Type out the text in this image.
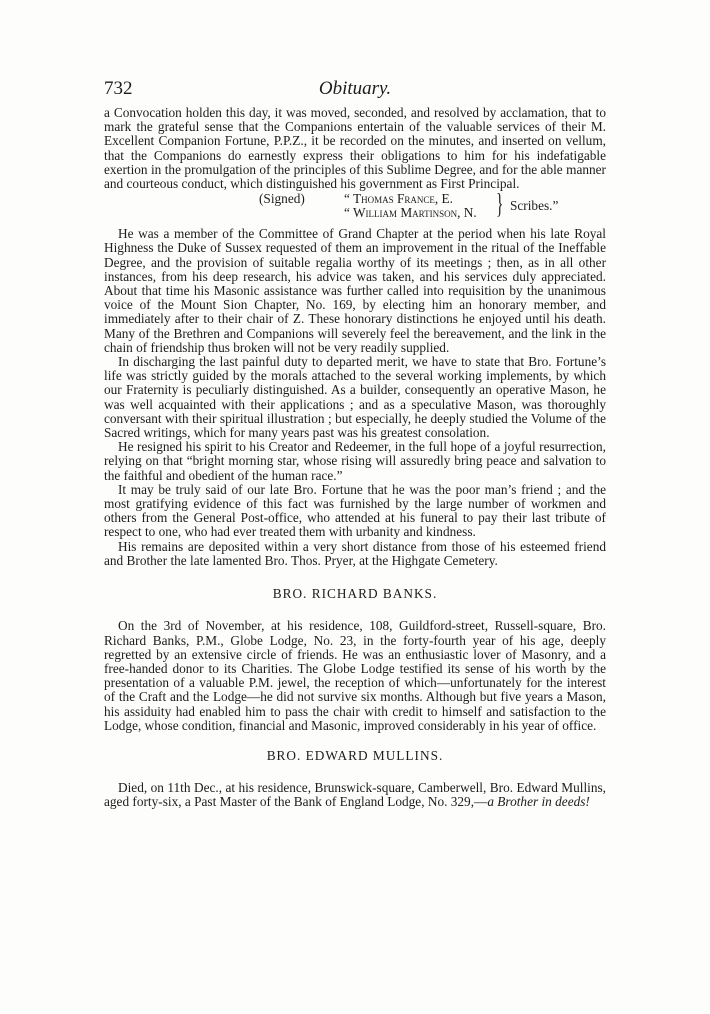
732	Obituary.

a Convocation holden this day, it was moved, seconded, and resolved by acclamation, that to mark the grateful sense that the Companions entertain of the valuable services of their M. Excellent Companion Fortune, P.P.Z., it be recorded on the minutes, and inserted on vellum, that the Companions do earnestly express their obligations to him for his indefatigable exertion in the promulgation of the principles of this Sublime Degree, and for the able manner and courteous conduct, which distinguished his government as First Principal.

(Signed)	“ Thomas France, E.
“ William Martinson, N. } Scribes.”

He was a member of the Committee of Grand Chapter at the period when his late Royal Highness the Duke of Sussex requested of them an improvement in the ritual of the Ineffable Degree, and the provision of suitable regalia worthy of its meetings ; then, as in all other instances, from his deep research, his advice was taken, and his services duly appreciated. About that time his Masonic assistance was further called into requisition by the unanimous voice of the Mount Sion Chapter, No. 169, by electing him an honorary member, and immediately after to their chair of Z. These honorary distinctions he enjoyed until his death. Many of the Brethren and Companions will severely feel the bereavement, and the link in the chain of friendship thus broken will not be very readily supplied.

In discharging the last painful duty to departed merit, we have to state that Bro. Fortune’s life was strictly guided by the morals attached to the several working implements, by which our Fraternity is peculiarly distinguished. As a builder, consequently an operative Mason, he was well acquainted with their applications ; and as a speculative Mason, was thoroughly conversant with their spiritual illustration ; but especially, he deeply studied the Volume of the Sacred writings, which for many years past was his greatest consolation.

He resigned his spirit to his Creator and Redeemer, in the full hope of a joyful resurrection, relying on that “bright morning star, whose rising will assuredly bring peace and salvation to the faithful and obedient of the human race.”

It may be truly said of our late Bro. Fortune that he was the poor man’s friend ; and the most gratifying evidence of this fact was furnished by the large number of workmen and others from the General Post-office, who attended at his funeral to pay their last tribute of respect to one, who had ever treated them with urbanity and kindness.

His remains are deposited within a very short distance from those of his esteemed friend and Brother the late lamented Bro. Thos. Pryer, at the Highgate Cemetery.

BRO. RICHARD BANKS.

On the 3rd of November, at his residence, 108, Guildford-street, Russell-square, Bro. Richard Banks, P.M., Globe Lodge, No. 23, in the forty-fourth year of his age, deeply regretted by an extensive circle of friends. He was an enthusiastic lover of Masonry, and a free-handed donor to its Charities. The Globe Lodge testified its sense of his worth by the presentation of a valuable P.M. jewel, the reception of which—unfortunately for the interest of the Craft and the Lodge—he did not survive six months. Although but five years a Mason, his assiduity had enabled him to pass the chair with credit to himself and satisfaction to the Lodge, whose condition, financial and Masonic, improved considerably in his year of office.

BRO. EDWARD MULLINS.

Died, on 11th Dec., at his residence, Brunswick-square, Camberwell, Bro. Edward Mullins, aged forty-six, a Past Master of the Bank of England Lodge, No. 329,—a Brother in deeds!
